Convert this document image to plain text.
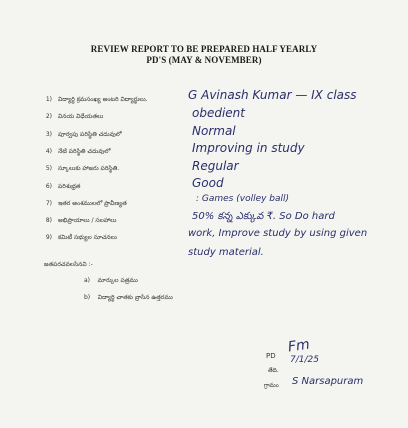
REVIEW REPORT TO BE PREPARED HALF YEARLY
PD'S (MAY & NOVEMBER)
1) విద్యార్థి క్రమసంఖ్య అంటరి విద్యార్థులు.
2) వినయ విధేయతలు
3) పూర్వపు పరిస్థితి చదువులో
4) నేటి పరిస్థితి చదువులో
5) స్కూలుకు హాజరు పరిస్థితి.
6) పరిశుభ్రత
7) ఇతర అంశములలో ప్రావీణ్యత
8) అభిప్రాయాలు / సలహాలు
9) కమిటీ సభ్యుల సూచనలు
G Avinash Kumar — IX class
obedient
Normal
Improving in study
Regular
Good
: Games (volley ball)
50% కన్న ఎక్కువ ₹. So Do hard
work, Improve study by using given
study material.
జతపరచవలసినవి :-
a) మార్కుల పత్రము
b) విద్యార్థి చాతకు వ్రాసిన ఉత్తరము
PD
Fm
7/1/25
తేది.
గ్రామం S Narsapuram
